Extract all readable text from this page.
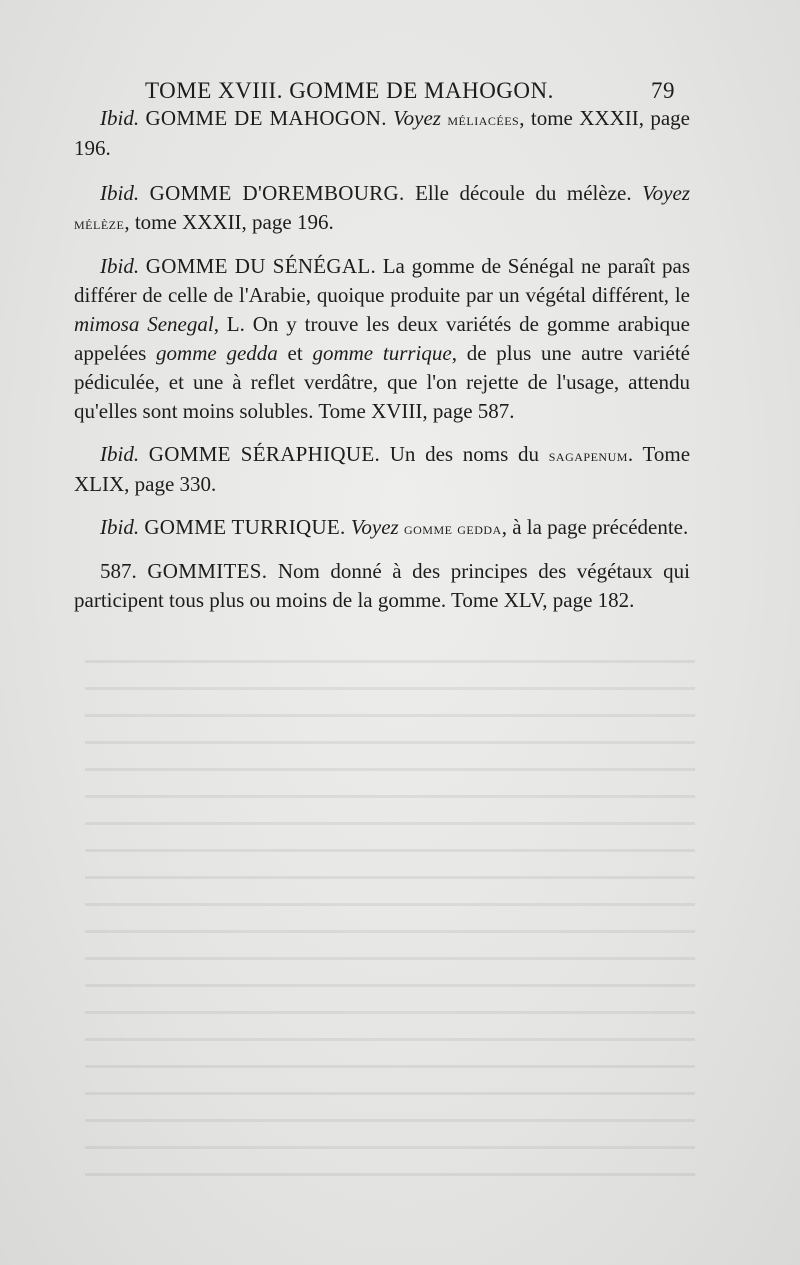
TOME XVIII. GOMME DE MAHOGON.	79

Ibid. GOMME DE MAHOGON. Voyez méliacées, tome XXXII, page 196.

Ibid. GOMME D'OREMBOURG. Elle découle du mélèze. Voyez mélèze, tome XXXII, page 196.

Ibid. GOMME DU SÉNÉGAL. La gomme de Sénégal ne paraît pas différer de celle de l'Arabie, quoique produite par un végétal différent, le mimosa Senegal, L. On y trouve les deux variétés de gomme arabique appelées gomme gedda et gomme turrique, de plus une autre variété pédiculée, et une à reflet verdâtre, que l'on rejette de l'usage, attendu qu'elles sont moins solubles. Tome XVIII, page 587.

Ibid. GOMME SÉRAPHIQUE. Un des noms du sagapenum. Tome XLIX, page 330.

Ibid. GOMME TURRIQUE. Voyez gomme gedda, à la page précédente.

587. GOMMITES. Nom donné à des principes des végétaux qui participent tous plus ou moins de la gomme. Tome XLV, page 182.
